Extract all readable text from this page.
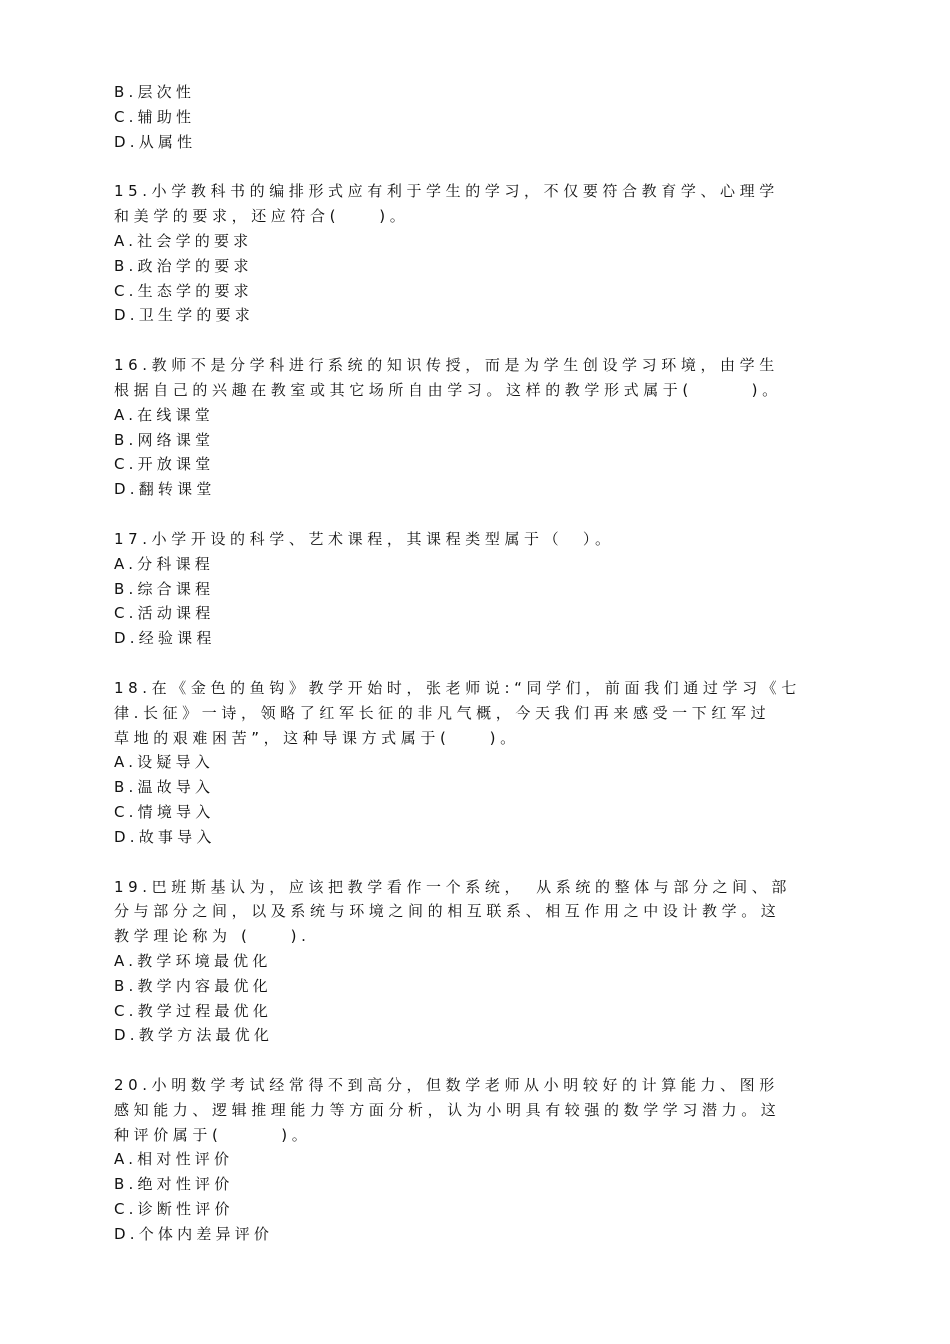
B.层次性
C.辅助性
D.从属性
15.小学教科书的编排形式应有利于学生的学习，不仅要符合教育学、心理学
和美学的要求，还应符合(　　)。
A.社会学的要求
B.政治学的要求
C.生态学的要求
D.卫生学的要求
16.教师不是分学科进行系统的知识传授，而是为学生创设学习环境，由学生
根据自己的兴趣在教室或其它场所自由学习。这样的教学形式属于(　　　)。
A.在线课堂
B.网络课堂
C.开放课堂
D.翻转课堂
17.小学开设的科学、艺术课程，其课程类型属于（　）。
A.分科课程
B.综合课程
C.活动课程
D.经验课程
18.在《金色的鱼钩》教学开始时，张老师说:“同学们，前面我们通过学习《七
律.长征》一诗，领略了红军长征的非凡气概，今天我们再来感受一下红军过
草地的艰难困苦”，这种导课方式属于(　　)。
A.设疑导入
B.温故导入
C.情境导入
D.故事导入
19.巴班斯基认为，应该把教学看作一个系统，　从系统的整体与部分之间、部
分与部分之间，以及系统与环境之间的相互联系、相互作用之中设计教学。这
教学理论称为 (　　).
A.教学环境最优化
B.教学内容最优化
C.教学过程最优化
D.教学方法最优化
20.小明数学考试经常得不到高分，但数学老师从小明较好的计算能力、图形
感知能力、逻辑推理能力等方面分析，认为小明具有较强的数学学习潜力。这
种评价属于(　　　)。
A.相对性评价
B.绝对性评价
C.诊断性评价
D.个体内差异评价
